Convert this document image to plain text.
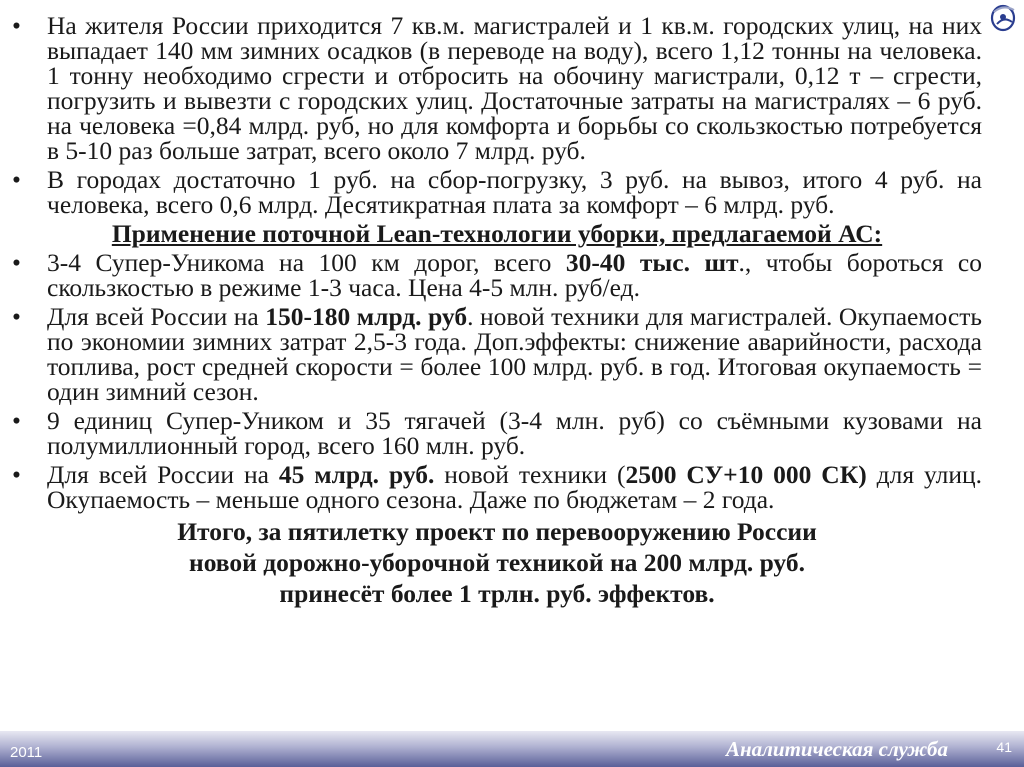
•	На жителя России приходится 7 кв.м. магистралей и 1 кв.м. городских улиц, на них выпадает 140 мм зимних осадков (в переводе на воду), всего 1,12 тонны на человека. 1 тонну необходимо сгрести и отбросить на обочину магистрали, 0,12 т – сгрести, погрузить и вывезти с городских улиц. Достаточные затраты на магистралях – 6 руб. на человека =0,84 млрд. руб, но для комфорта и борьбы со скользкостью потребуется в 5-10 раз больше затрат, всего около 7 млрд. руб.
•	В городах достаточно 1 руб. на сбор-погрузку, 3 руб. на вывоз, итого 4 руб. на человека, всего 0,6 млрд. Десятикратная плата за комфорт – 6 млрд. руб.
Применение поточной Lean-технологии уборки, предлагаемой АС:
•	3-4 Супер-Уникома на 100 км дорог, всего 30-40 тыс. шт., чтобы бороться со скользкостью в режиме 1-3 часа. Цена 4-5 млн. руб/ед.
•	Для всей России на 150-180 млрд. руб. новой техники для магистралей. Окупаемость по экономии зимних затрат 2,5-3 года. Доп.эффекты: снижение аварийности, расхода топлива, рост средней скорости = более 100 млрд. руб. в год. Итоговая окупаемость = один зимний сезон.
•	9 единиц Супер-Уником и 35 тягачей (3-4 млн. руб) со съёмными кузовами на полумиллионный город, всего 160 млн. руб.
•	Для всей России на 45 млрд. руб. новой техники (2500 СУ+10 000 СК) для улиц. Окупаемость – меньше одного сезона. Даже по бюджетам – 2 года.
Итого, за пятилетку проект по перевооружению России
новой дорожно-уборочной техникой на 200 млрд. руб.
принесёт более 1 трлн. руб. эффектов.
2011	Аналитическая служба	41
